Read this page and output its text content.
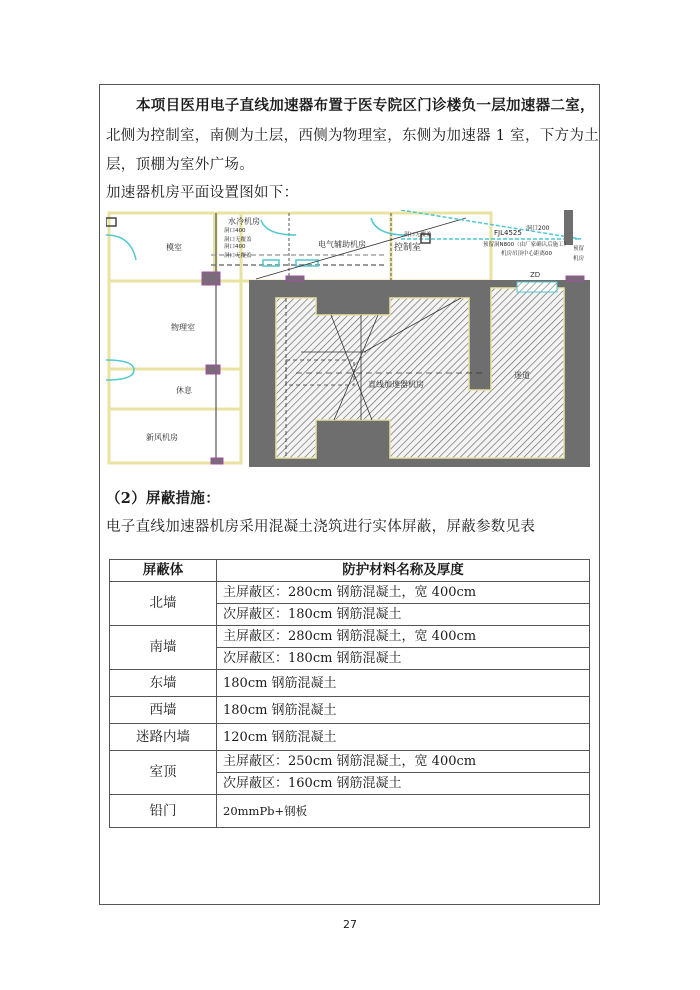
本项目医用电子直线加速器布置于医专院区门诊楼负一层加速器二室，
北侧为控制室，南侧为土层，西侧为物理室，东侧为加速器 1 室，下方为土
层，顶棚为室外广场。
加速器机房平面设置图如下：
ZD
模室
物理室
休息
新风机房
水冷机房
电气辅助机房	控制室
直线加速器机房
迷道
洞口400
洞口无覆盖
洞口400
洞口无覆盖
洞口200
洞口无覆盖	FJL4525
预留洞N800（由厂家确认后施工）
机房吊顶中心距离00
预留
机房
（2）屏蔽措施：
电子直线加速器机房采用混凝土浇筑进行实体屏蔽，屏蔽参数见表
屏蔽体	防护材料名称及厚度
北墙	主屏蔽区：280cm 钢筋混凝土，宽 400cm
	次屏蔽区：180cm 钢筋混凝土
南墙	主屏蔽区：280cm 钢筋混凝土，宽 400cm
	次屏蔽区：180cm 钢筋混凝土
东墙	180cm 钢筋混凝土
西墙	180cm 钢筋混凝土
迷路内墙	120cm 钢筋混凝土
室顶	主屏蔽区：250cm 钢筋混凝土，宽 400cm
	次屏蔽区：160cm 钢筋混凝土
铅门	20mmPb+钢板
27
